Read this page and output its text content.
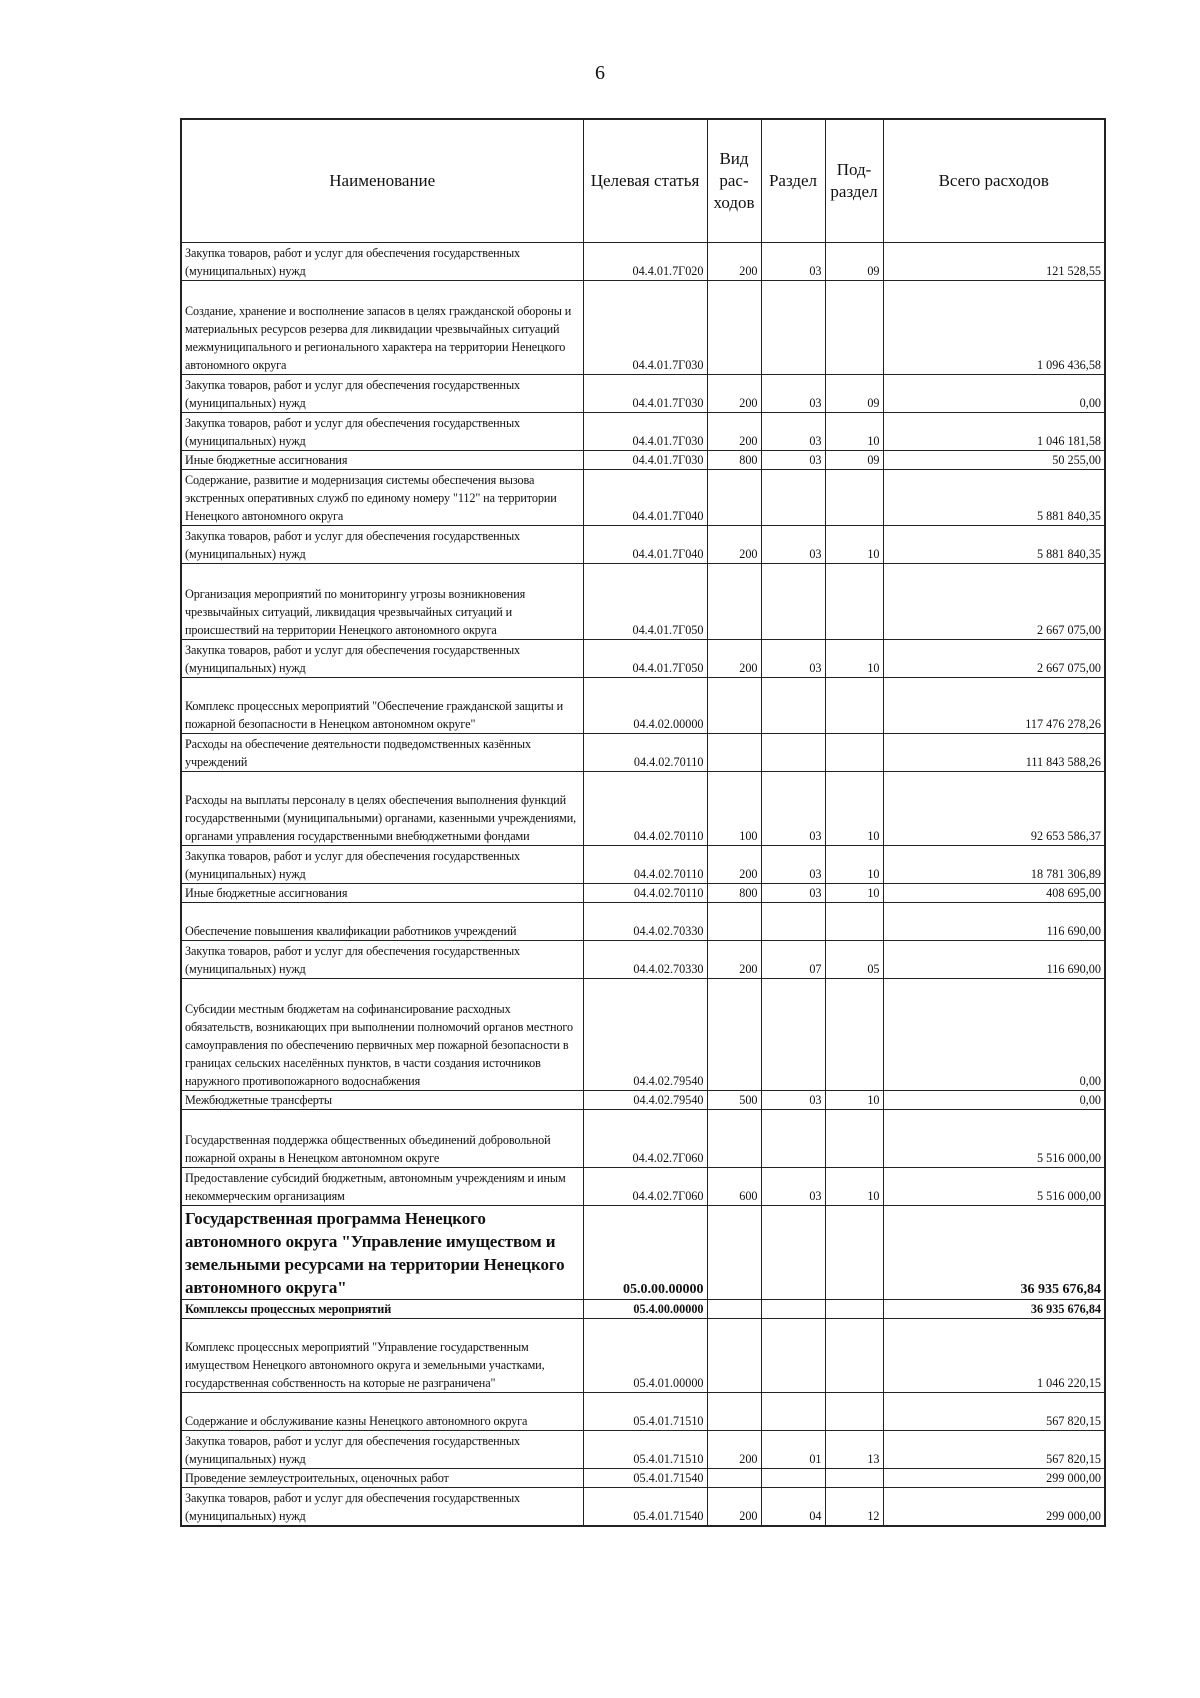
6
Наименование	Целевая статья	Вид рас-ходов	Раздел	Под-раздел	Всего расходов
Закупка товаров, работ и услуг для обеспечения государственных (муниципальных) нужд	04.4.01.7Г020	200	03	09	121 528,55
Создание, хранение и восполнение запасов в целях гражданской обороны и материальных ресурсов резерва для ликвидации чрезвычайных ситуаций межмуниципального и регионального характера на территории Ненецкого автономного округа	04.4.01.7Г030				1 096 436,58
Закупка товаров, работ и услуг для обеспечения государственных (муниципальных) нужд	04.4.01.7Г030	200	03	09	0,00
Закупка товаров, работ и услуг для обеспечения государственных (муниципальных) нужд	04.4.01.7Г030	200	03	10	1 046 181,58
Иные бюджетные ассигнования	04.4.01.7Г030	800	03	09	50 255,00
Содержание, развитие и модернизация системы обеспечения вызова экстренных оперативных служб по единому номеру "112" на территории Ненецкого автономного округа	04.4.01.7Г040				5 881 840,35
Закупка товаров, работ и услуг для обеспечения государственных (муниципальных) нужд	04.4.01.7Г040	200	03	10	5 881 840,35
Организация мероприятий по мониторингу угрозы возникновения чрезвычайных ситуаций, ликвидация чрезвычайных ситуаций и происшествий на территории Ненецкого автономного округа	04.4.01.7Г050				2 667 075,00
Закупка товаров, работ и услуг для обеспечения государственных (муниципальных) нужд	04.4.01.7Г050	200	03	10	2 667 075,00
Комплекс процессных мероприятий "Обеспечение гражданской защиты и пожарной безопасности в Ненецком автономном округе"	04.4.02.00000				117 476 278,26
Расходы на обеспечение деятельности подведомственных казённых учреждений	04.4.02.70110				111 843 588,26
Расходы на выплаты персоналу в целях обеспечения выполнения функций государственными (муниципальными) органами, казенными учреждениями, органами управления государственными внебюджетными фондами	04.4.02.70110	100	03	10	92 653 586,37
Закупка товаров, работ и услуг для обеспечения государственных (муниципальных) нужд	04.4.02.70110	200	03	10	18 781 306,89
Иные бюджетные ассигнования	04.4.02.70110	800	03	10	408 695,00
Обеспечение повышения квалификации работников учреждений	04.4.02.70330				116 690,00
Закупка товаров, работ и услуг для обеспечения государственных (муниципальных) нужд	04.4.02.70330	200	07	05	116 690,00
Субсидии местным бюджетам на софинансирование расходных обязательств, возникающих при выполнении полномочий органов местного самоуправления по обеспечению первичных мер пожарной безопасности в границах сельских населённых пунктов, в части создания источников наружного противопожарного водоснабжения	04.4.02.79540				0,00
Межбюджетные трансферты	04.4.02.79540	500	03	10	0,00
Государственная поддержка общественных объединений добровольной пожарной охраны в Ненецком автономном округе	04.4.02.7Г060				5 516 000,00
Предоставление субсидий бюджетным, автономным учреждениям и иным некоммерческим организациям	04.4.02.7Г060	600	03	10	5 516 000,00
Государственная программа Ненецкого автономного округа "Управление имуществом и земельными ресурсами на территории Ненецкого автономного округа"	05.0.00.00000				36 935 676,84
Комплексы процессных мероприятий	05.4.00.00000				36 935 676,84
Комплекс процессных мероприятий "Управление государственным имуществом Ненецкого автономного округа и земельными участками, государственная собственность на которые не разграничена"	05.4.01.00000				1 046 220,15
Содержание и обслуживание казны Ненецкого автономного округа	05.4.01.71510				567 820,15
Закупка товаров, работ и услуг для обеспечения государственных (муниципальных) нужд	05.4.01.71510	200	01	13	567 820,15
Проведение землеустроительных, оценочных работ	05.4.01.71540				299 000,00
Закупка товаров, работ и услуг для обеспечения государственных (муниципальных) нужд	05.4.01.71540	200	04	12	299 000,00
